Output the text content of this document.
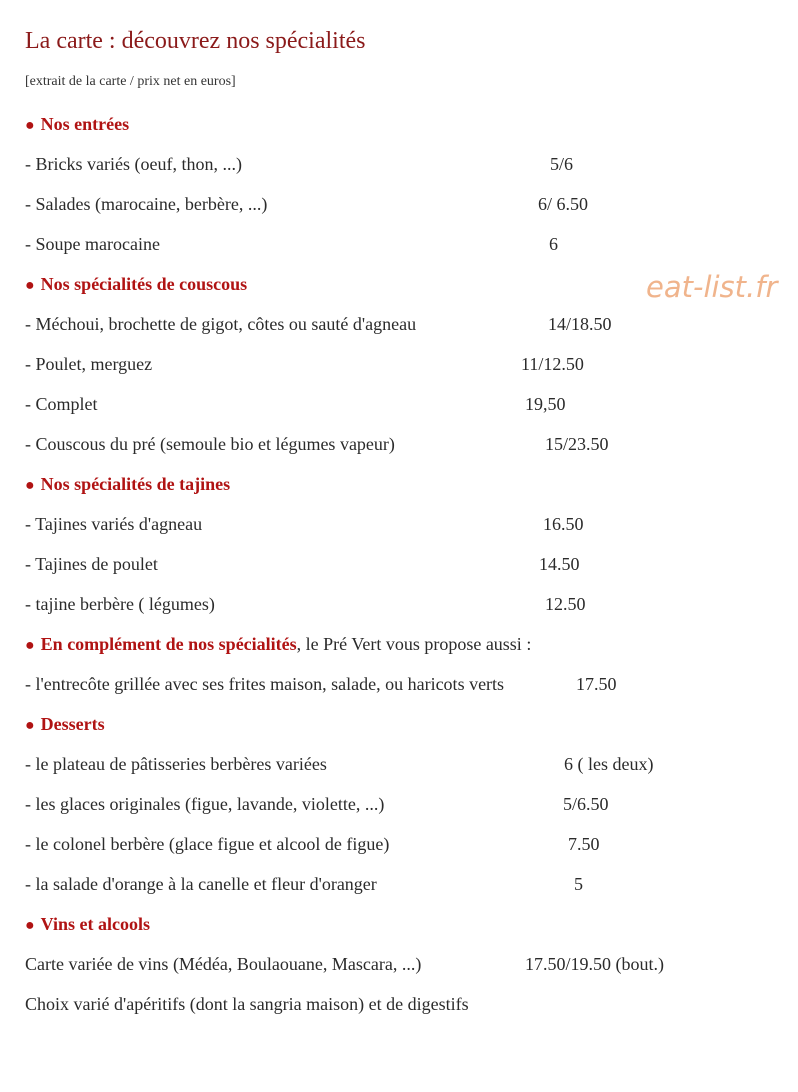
La carte : découvrez nos spécialités
[extrait de la carte / prix net en euros]
● Nos entrées
- Bricks variés (oeuf, thon, ...)	5/6
- Salades (marocaine, berbère, ...)	6/ 6.50
- Soupe marocaine	6
● Nos spécialités de couscous
- Méchoui, brochette de gigot, côtes ou sauté d'agneau	14/18.50
- Poulet, merguez	11/12.50
- Complet	19,50
- Couscous du pré (semoule bio et légumes vapeur)	15/23.50
● Nos spécialités de tajines
- Tajines variés d'agneau	16.50
- Tajines de poulet	14.50
- tajine berbère ( légumes)	12.50
● En complément de nos spécialités, le Pré Vert vous propose aussi :
- l'entrecôte grillée avec ses frites maison, salade, ou haricots verts	17.50
● Desserts
- le plateau de pâtisseries berbères variées	6 ( les deux)
- les glaces originales (figue, lavande, violette, ...)	5/6.50
- le colonel berbère (glace figue et alcool de figue)	7.50
- la salade d'orange à la canelle et fleur d'oranger	5
● Vins et alcools
Carte variée de vins (Médéa, Boulaouane, Mascara, ...)	17.50/19.50 (bout.)
Choix varié d'apéritifs (dont la sangria maison) et de digestifs
eat-list.fr
